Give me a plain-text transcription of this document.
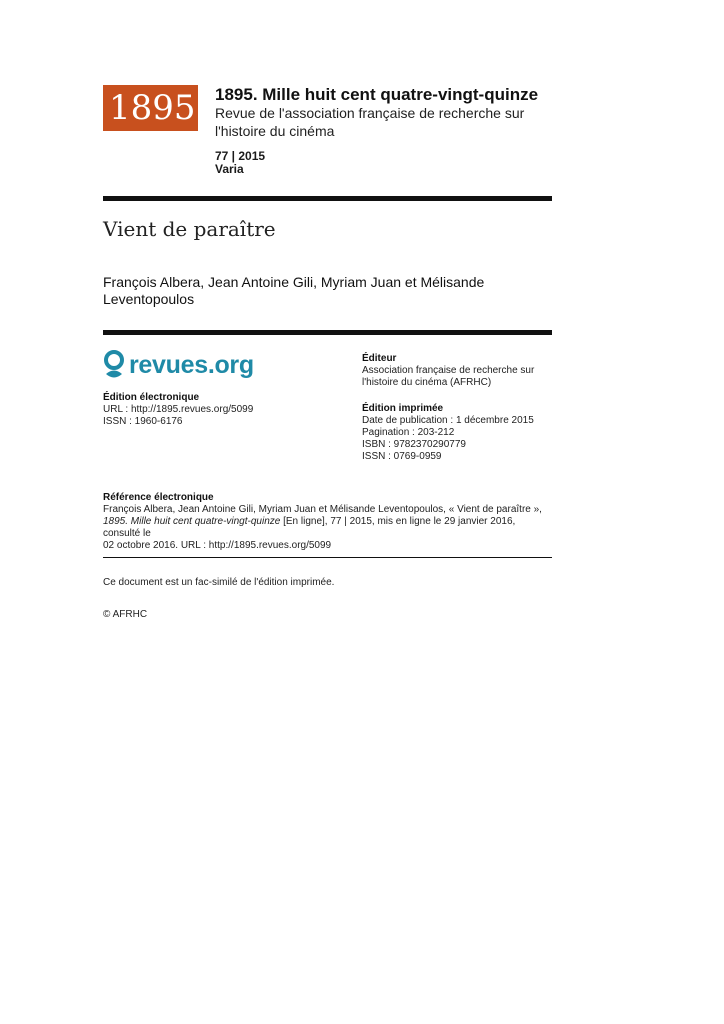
1895 1895. Mille huit cent quatre-vingt-quinze
Revue de l'association française de recherche sur l'histoire du cinéma
77 | 2015
Varia
Vient de paraître
François Albera, Jean Antoine Gili, Myriam Juan et Mélisande Leventopoulos
revues.org
Édition électronique
URL : http://1895.revues.org/5099
ISSN : 1960-6176
Éditeur
Association française de recherche sur l'histoire du cinéma (AFRHC)
Édition imprimée
Date de publication : 1 décembre 2015
Pagination : 203-212
ISBN : 9782370290779
ISSN : 0769-0959
Référence électronique
François Albera, Jean Antoine Gili, Myriam Juan et Mélisande Leventopoulos, « Vient de paraître »,
1895. Mille huit cent quatre-vingt-quinze [En ligne], 77 | 2015, mis en ligne le 29 janvier 2016, consulté le
02 octobre 2016. URL : http://1895.revues.org/5099
Ce document est un fac-similé de l'édition imprimée.
© AFRHC
